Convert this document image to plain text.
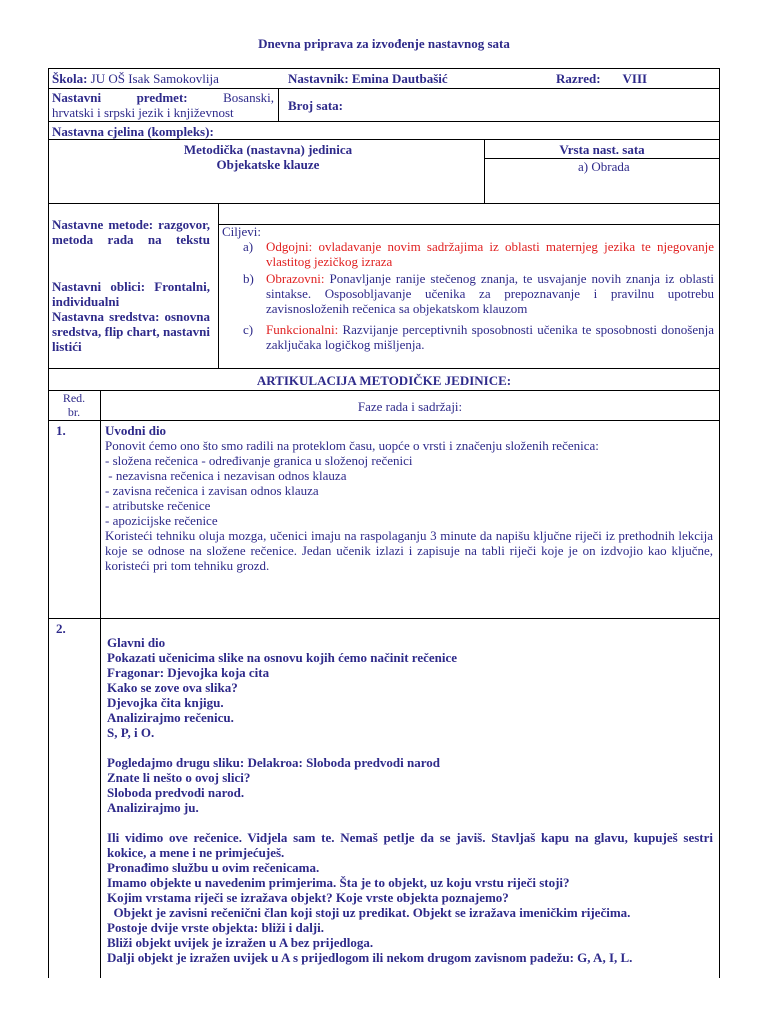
Dnevna priprava za izvođenje nastavnog sata
Škola: JU OŠ Isak Samokovlija	Nastavnik: Emina Dautbašić	Razred: VIII
Nastavni	predmet:	Bosanski,
hrvatski i srpski jezik i književnost	Broj sata:
Nastavna cjelina (kompleks):
Metodička (nastavna) jedinica
Objekatske klauze
Vrsta nast. sata
a) Obrada
Nastavne metode: razgovor, metoda rada na tekstu
Nastavni oblici: Frontalni, individualni
Nastavna sredstva: osnovna sredstva, flip chart, nastavni listići
Ciljevi:
a) Odgojni: ovladavanje novim sadržajima iz oblasti maternjeg jezika te njegovanje vlastitog jezičkog izraza
b) Obrazovni: Ponavljanje ranije stečenog znanja, te usvajanje novih znanja iz oblasti sintakse. Osposobljavanje učenika za prepoznavanje i pravilnu upotrebu zavisnosloženih rečenica sa objekatskom klauzom
c) Funkcionalni: Razvijanje perceptivnih sposobnosti učenika te sposobnosti donošenja zaključaka logičkog mišljenja.
ARTIKULACIJA METODIČKE JEDINICE:
Red.
br.	Faze rada i sadržaji:
1.	Uvodni dio
Ponovit ćemo ono što smo radili na proteklom času, uopće o vrsti i značenju složenih rečenica:
- složena rečenica - određivanje granica u složenoj rečenici
- nezavisna rečenica i nezavisan odnos klauza
- zavisna rečenica i zavisan odnos klauza
- atributske rečenice
- apozicijske rečenice
Koristeći tehniku oluja mozga, učenici imaju na raspolaganju 3 minute da napišu ključne riječi iz prethodnih lekcija koje se odnose na složene rečenice. Jedan učenik izlazi i zapisuje na tabli riječi koje je on izdvojio kao ključne, koristeći pri tom tehniku grozd.
2.
Glavni dio
Pokazati učenicima slike na osnovu kojih ćemo načinit rečenice
Fragonar: Djevojka koja cita
Kako se zove ova slika?
Djevojka čita knjigu.
Analizirajmo rečenicu.
S, P, i O.
Pogledajmo drugu sliku: Delakroa: Sloboda predvodi narod
Znate li nešto o ovoj slici?
Sloboda predvodi narod.
Analizirajmo ju.
Ili vidimo ove rečenice. Vidjela sam te. Nemaš petlje da se javiš. Stavljaš kapu na glavu, kupuješ sestri kokice, a mene i ne primjećuješ.
Pronađimo službu u ovim rečenicama.
Imamo objekte u navedenim primjerima. Šta je to objekt, uz koju vrstu riječi stoji?
Kojim vrstama riječi se izražava objekt? Koje vrste objekta poznajemo?
Objekt je zavisni rečenični član koji stoji uz predikat. Objekt se izražava imeničkim riječima.
Postoje dvije vrste objekta: bliži i dalji.
Bliži objekt uvijek je izražen u A bez prijedloga.
Dalji objekt je izražen uvijek u A s prijedlogom ili nekom drugom zavisnom padežu: G, A, I, L.
